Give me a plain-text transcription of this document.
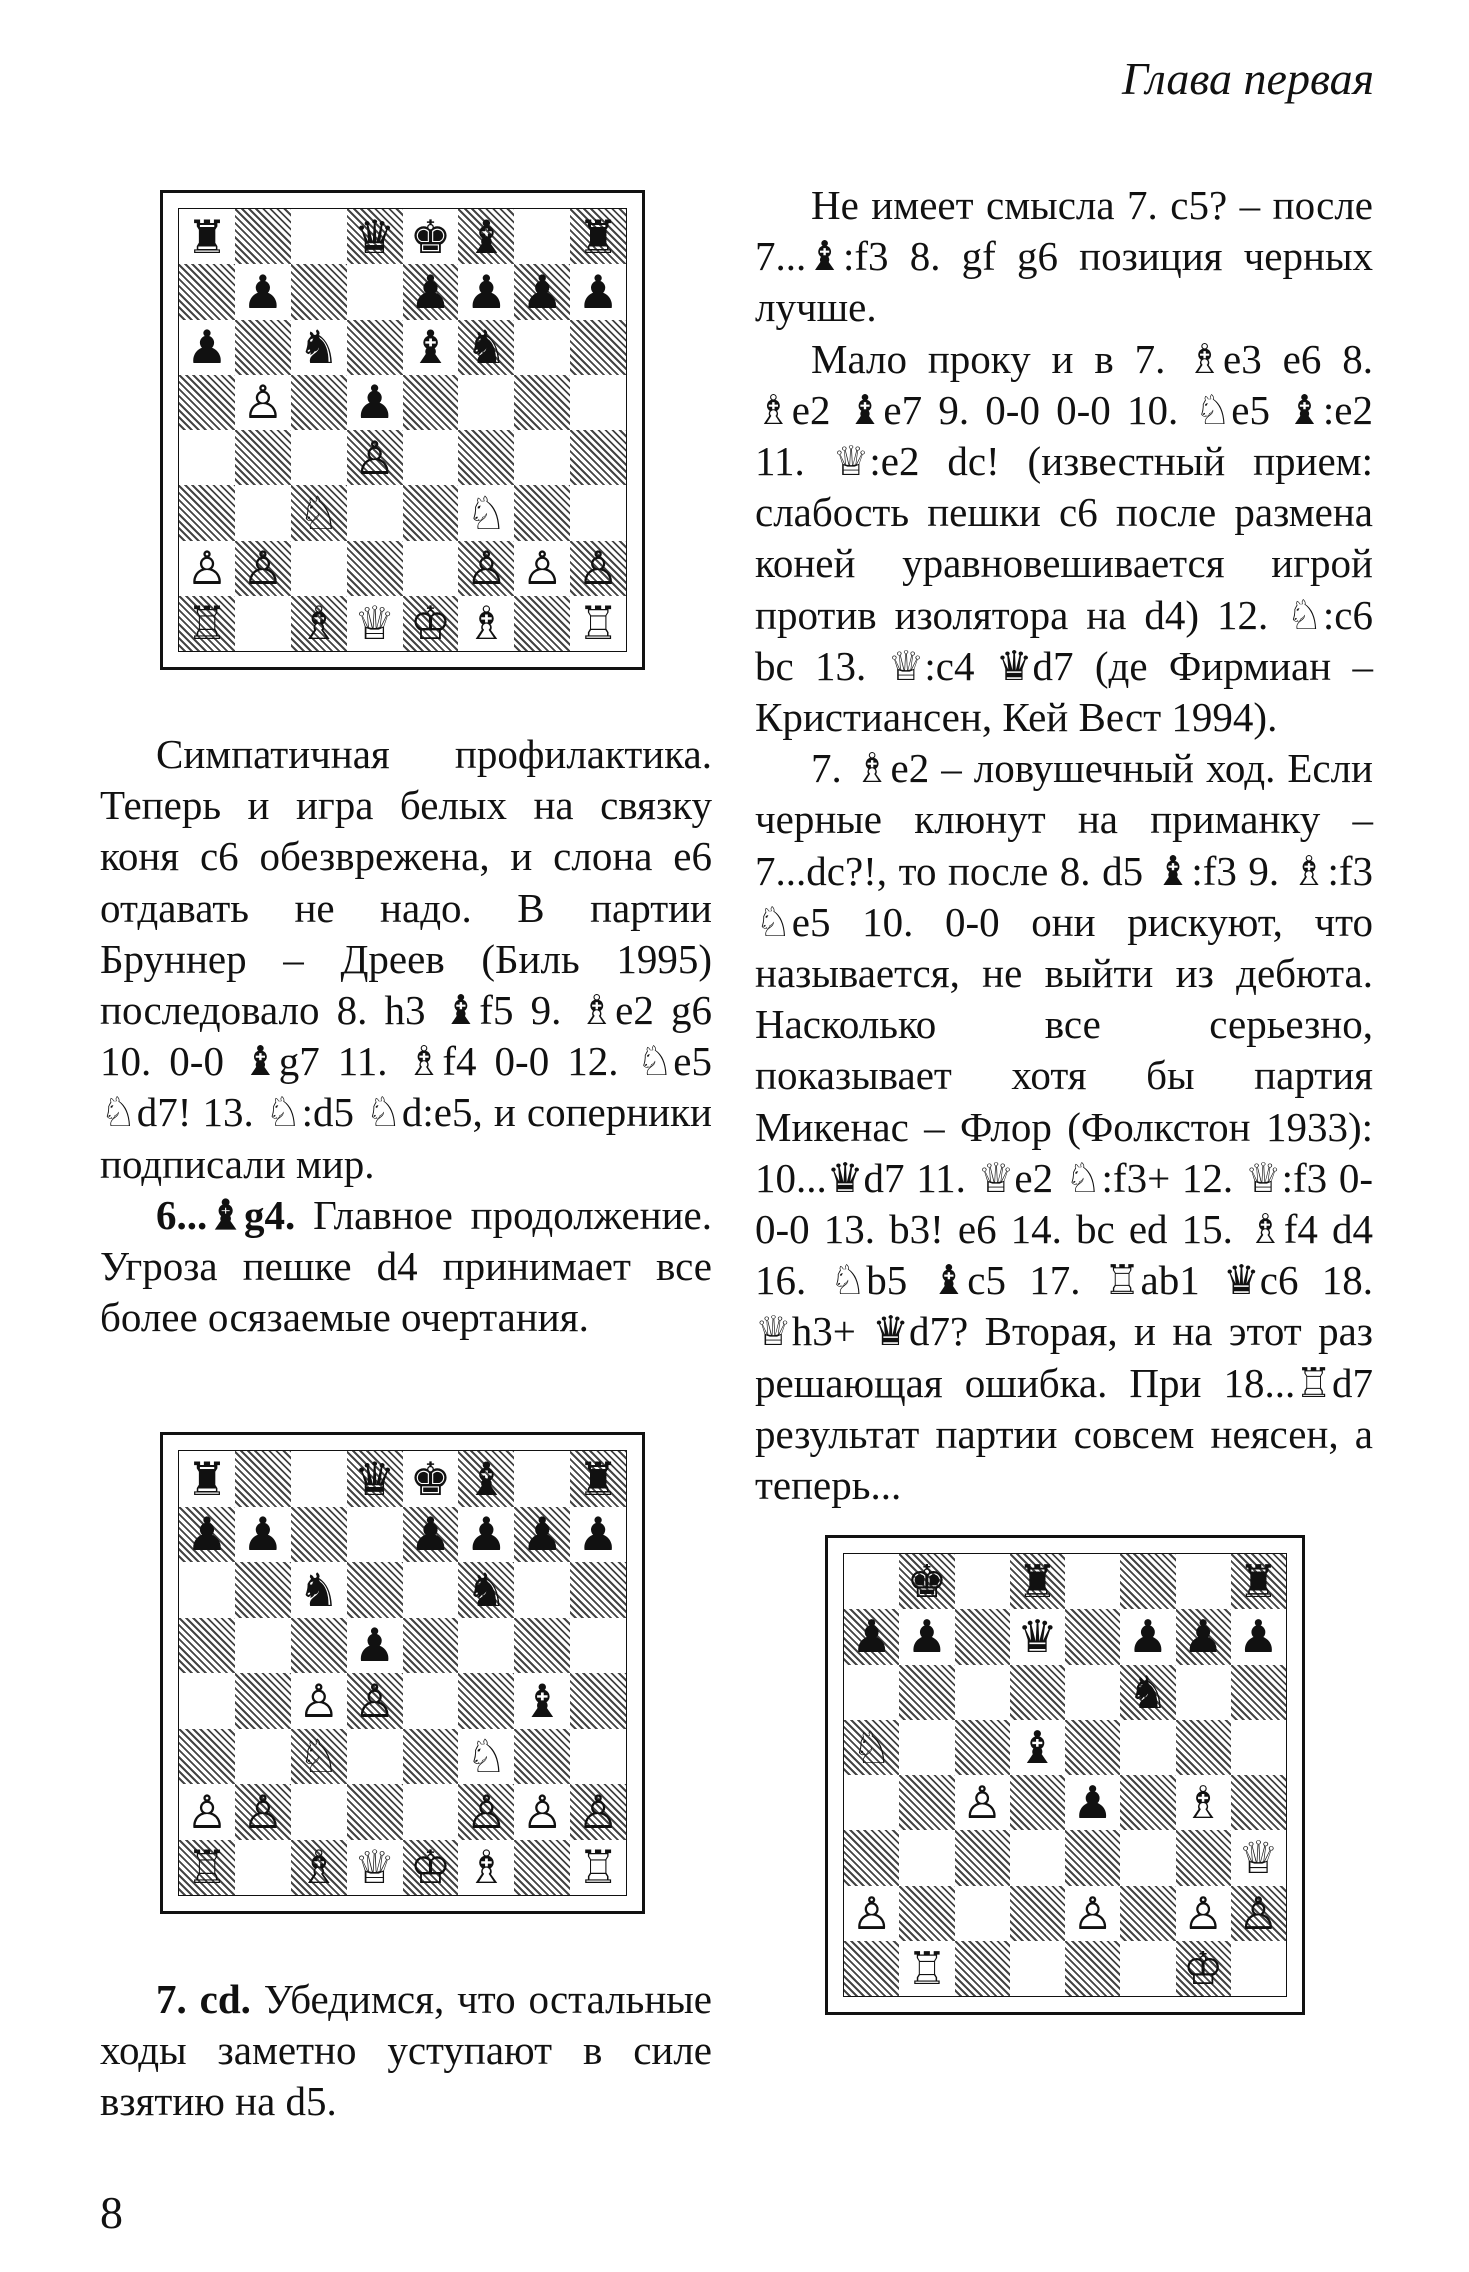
Глава первая
♜	♛ ♚ ♝ ♜
♟	♟ ♟ ♟ ♟
♟ ♞ ♝ ♞
♙ ♟
♙
♘	♘
♙ ♙	♙ ♙ ♙
♖ ♗ ♕ ♔ ♗ ♖

Симпатичная профилактика. Теперь и игра белых на связку коня с6 обезврежена, и слона е6 отдавать не надо. В партии Бруннер – Дреев (Биль 1995) последовало 8. h3 ♝f5 9. ♗e2 g6 10. 0-0 ♝g7 11. ♗f4 0-0 12. ♘e5 ♘d7! 13. ♘:d5 ♘d:e5, и соперники подписали мир.

6...♝g4. Главное продолжение. Угроза пешке d4 принимает все более осязаемые очертания.

♜	♛ ♚ ♝ ♜
♟ ♟	♟ ♟ ♟ ♟
♞	♞
♟
♙ ♙	♝
♘	♘
♙ ♙	♙ ♙ ♙
♖ ♗ ♕ ♔ ♗ ♖

7. cd. Убедимся, что остальные ходы заметно уступают в силе взятию на d5.

Не имеет смысла 7. с5? – после 7...♝:f3 8. gf g6 позиция черных лучше.

Мало проку и в 7. ♗e3 e6 8. ♗e2 ♝e7 9. 0-0 0-0 10. ♘e5 ♝:e2 11. ♕:e2 dc! (известный прием: слабость пешки с6 после размена коней уравновешивается игрой против изолятора на d4) 12. ♘:c6 bc 13. ♕:c4 ♛d7 (де Фирмиан – Кристиансен, Кей Вест 1994).

7. ♗e2 – ловушечный ход. Если черные клюнут на приманку – 7...dc?!, то после 8. d5 ♝:f3 9. ♗:f3 ♘e5 10. 0-0 они рискуют, что называется, не выйти из дебюта. Насколько все серьезно, показывает хотя бы партия Микенас – Флор (Фолкстон 1933): 10...♛d7 11. ♕e2 ♘:f3+ 12. ♕:f3 0-0-0 13. b3! e6 14. bc ed 15. ♗f4 d4 16. ♘b5 ♝c5 17. ♖ab1 ♛c6 18. ♕h3+ ♛d7? Вторая, и на этот раз решающая ошибка. При 18...♖d7 результат партии совсем неясен, а теперь...

♚ ♜	♜
♟ ♟ ♛ ♟ ♟ ♟
♞
♘	♝
♙ ♟ ♗
♕
♙	♙ ♙ ♙
♖	♔
8
